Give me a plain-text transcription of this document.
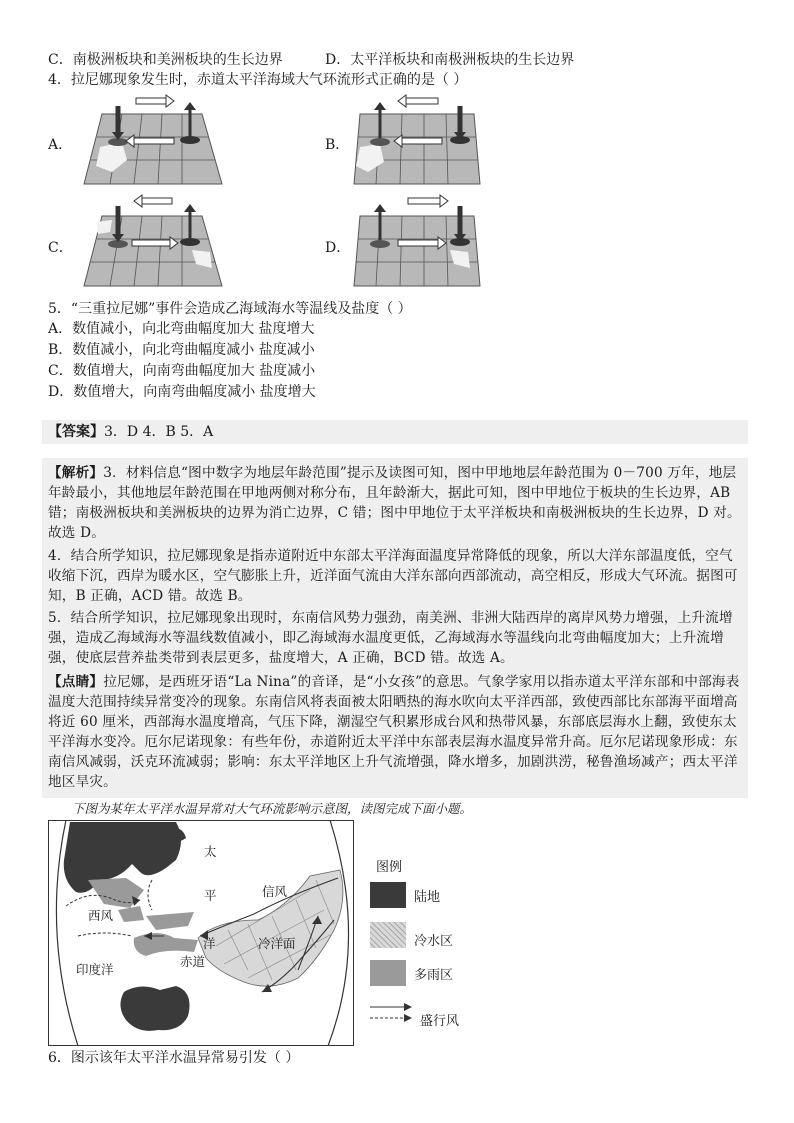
C．南极洲板块和美洲板块的生长边界	D．太平洋板块和南极洲板块的生长边界
4．拉尼娜现象发生时，赤道太平洋海域大气环流形式正确的是（ ）
A．	B．
C．	D．
5．“三重拉尼娜”事件会造成乙海域海水等温线及盐度（ ）
A．数值减小，向北弯曲幅度加大 盐度增大
B．数值减小，向北弯曲幅度减小 盐度减小
C．数值增大，向南弯曲幅度加大 盐度减小
D．数值增大，向南弯曲幅度减小 盐度增大
【答案】3．D 4．B 5．A
【解析】3．材料信息“图中数字为地层年龄范围”提示及读图可知，图中甲地地层年龄范围为 0－700 万年，地层年龄最小，其他地层年龄范围在甲地两侧对称分布，且年龄渐大，据此可知，图中甲地位于板块的生长边界，AB 错；南极洲板块和美洲板块的边界为消亡边界，C 错；图中甲地位于太平洋板块和南极洲板块的生长边界，D 对。故选 D。
4．结合所学知识，拉尼娜现象是指赤道附近中东部太平洋海面温度异常降低的现象，所以大洋东部温度低，空气收缩下沉，西岸为暖水区，空气膨胀上升，近洋面气流由大洋东部向西部流动，高空相反，形成大气环流。据图可知，B 正确，ACD 错。故选 B。
5．结合所学知识，拉尼娜现象出现时，东南信风势力强劲，南美洲、非洲大陆西岸的离岸风势力增强，上升流增强，造成乙海域海水等温线数值减小，即乙海域海水温度更低，乙海域海水等温线向北弯曲幅度加大；上升流增强，使底层营养盐类带到表层更多，盐度增大，A 正确，BCD 错。故选 A。
【点睛】拉尼娜，是西班牙语“La Nina”的音译，是“小女孩”的意思。气象学家用以指赤道太平洋东部和中部海表温度大范围持续异常变冷的现象。东南信风将表面被太阳晒热的海水吹向太平洋西部，致使西部比东部海平面增高将近 60 厘米，西部海水温度增高，气压下降，潮湿空气积累形成台风和热带风暴，东部底层海水上翻，致使东太平洋海水变冷。厄尔尼诺现象：有些年份，赤道附近太平洋中东部表层海水温度异常升高。厄尔尼诺现象形成：东南信风减弱，沃克环流减弱；影响：东太平洋地区上升气流增强，降水增多，加剧洪涝，秘鲁渔场减产；西太平洋地区旱灾。
下图为某年太平洋水温异常对大气环流影响示意图，读图完成下面小题。
太
平
洋
信风
西风
赤道
冷洋面
印度洋
图例
陆地
冷水区
多雨区
盛行风
6．图示该年太平洋水温异常易引发（ ）
